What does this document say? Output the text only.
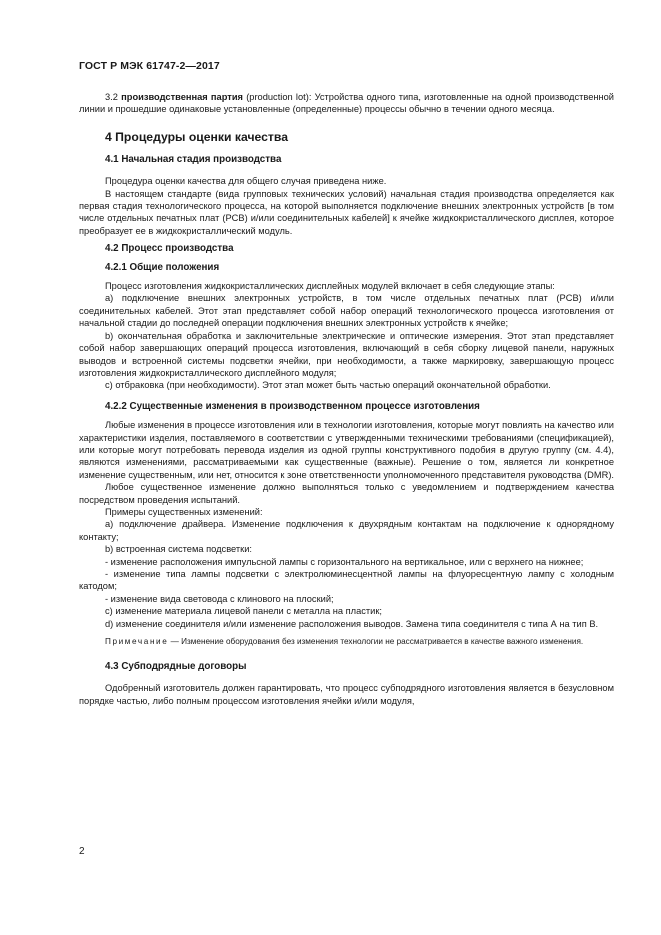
ГОСТ Р МЭК 61747-2—2017

3.2 производственная партия (production lot): Устройства одного типа, изготовленные на одной производственной линии и прошедшие одинаковые установленные (определенные) процессы обычно в течении одного месяца.

4 Процедуры оценки качества
4.1 Начальная стадия производства

Процедура оценки качества для общего случая приведена ниже.

В настоящем стандарте (вида групповых технических условий) начальная стадия производства определяется как первая стадия технологического процесса, на которой выполняется подключение внешних электронных устройств [в том числе отдельных печатных плат (PCB) и/или соединительных кабелей] к ячейке жидкокристаллического дисплея, которое преобразует ее в жидкокристаллический модуль.

4.2 Процесс производства
4.2.1 Общие положения

Процесс изготовления жидкокристаллических дисплейных модулей включает в себя следующие этапы:

а) подключение внешних электронных устройств, в том числе отдельных печатных плат (PCB) и/или соединительных кабелей. Этот этап представляет собой набор операций технологического процесса изготовления от начальной стадии до последней операции подключения внешних электронных устройств к ячейке;

b) окончательная обработка и заключительные электрические и оптические измерения. Этот этап представляет собой набор завершающих операций процесса изготовления, включающий в себя сборку лицевой панели, наружных выводов и встроенной системы подсветки ячейки, при необходимости, а также маркировку, завершающую процесс изготовления жидкокристаллического дисплейного модуля;

c) отбраковка (при необходимости). Этот этап может быть частью операций окончательной обработки.

4.2.2 Существенные изменения в производственном процессе изготовления

Любые изменения в процессе изготовления или в технологии изготовления, которые могут повлиять на качество или характеристики изделия, поставляемого в соответствии с утвержденными техническими требованиями (спецификацией), или которые могут потребовать перевода изделия из одной группы конструктивного подобия в другую группу (см. 4.4), являются изменениями, рассматриваемыми как существенные (важные). Решение о том, является ли конкретное изменение существенным, или нет, относится к зоне ответственности уполномоченного представителя руководства (DMR).

Любое существенное изменение должно выполняться только с уведомлением и подтверждением качества посредством проведения испытаний.

Примеры существенных изменений:

а) подключение драйвера. Изменение подключения к двухрядным контактам на подключение к однорядному контакту;

b) встроенная система подсветки:

- изменение расположения импульсной лампы с горизонтального на вертикальное, или с верхнего на нижнее;

- изменение типа лампы подсветки с электролюминесцентной лампы на флуоресцентную лампу с холодным катодом;

- изменение вида световода с клинового на плоский;

c) изменение материала лицевой панели с металла на пластик;

d) изменение соединителя и/или изменение расположения выводов. Замена типа соединителя с типа А на тип В.

Примечание — Изменение оборудования без изменения технологии не рассматривается в качестве важного изменения.

4.3 Субподрядные договоры

Одобренный изготовитель должен гарантировать, что процесс субподрядного изготовления является в безусловном порядке частью, либо полным процессом изготовления ячейки и/или модуля,

2
